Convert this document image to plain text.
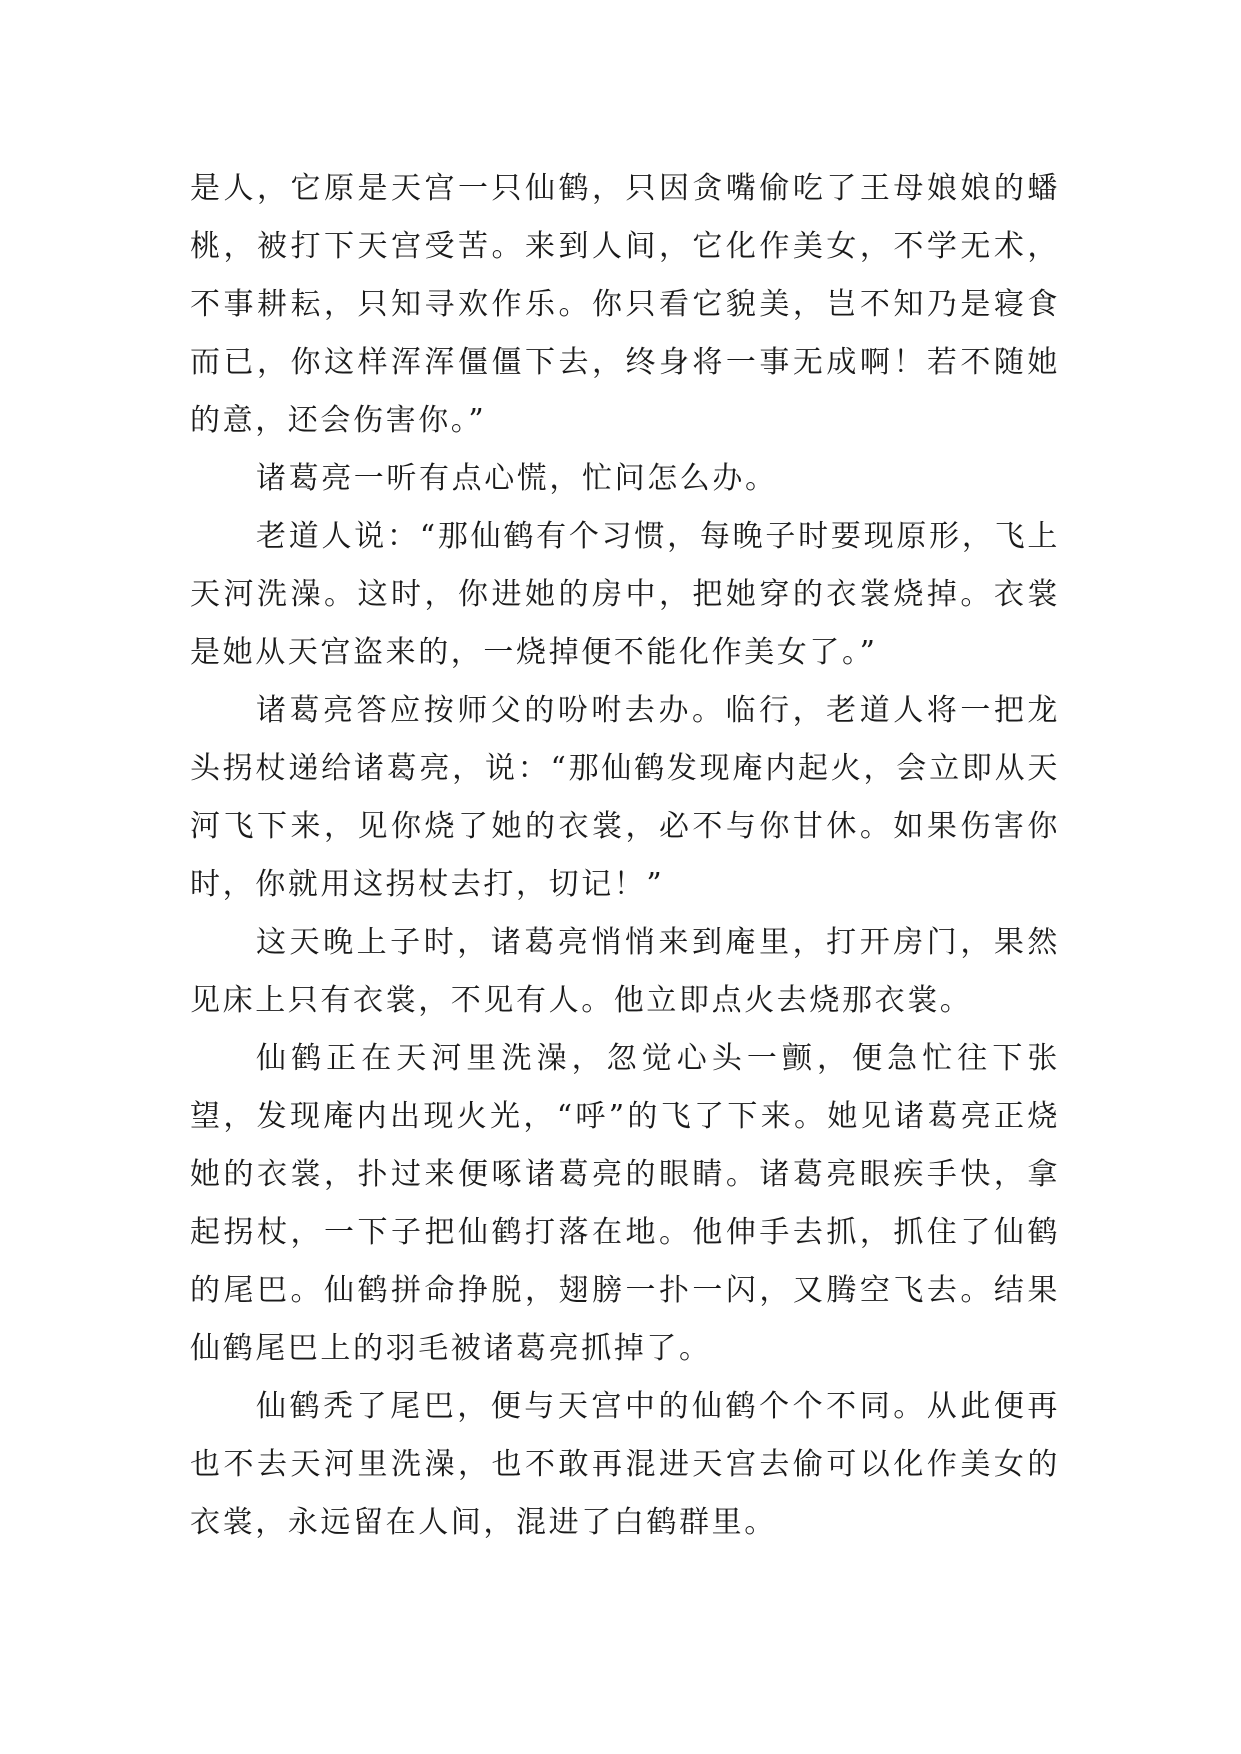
是人，它原是天宫一只仙鹤，只因贪嘴偷吃了王母娘娘的蟠桃，被打下天宫受苦。来到人间，它化作美女，不学无术，不事耕耘，只知寻欢作乐。你只看它貌美，岂不知乃是寝食而已，你这样浑浑僵僵下去，终身将一事无成啊！若不随她的意，还会伤害你。”

诸葛亮一听有点心慌，忙问怎么办。

老道人说：“那仙鹤有个习惯，每晚子时要现原形，飞上天河洗澡。这时，你进她的房中，把她穿的衣裳烧掉。衣裳是她从天宫盗来的，一烧掉便不能化作美女了。”

诸葛亮答应按师父的吩咐去办。临行，老道人将一把龙头拐杖递给诸葛亮，说：“那仙鹤发现庵内起火，会立即从天河飞下来，见你烧了她的衣裳，必不与你甘休。如果伤害你时，你就用这拐杖去打，切记！”

这天晚上子时，诸葛亮悄悄来到庵里，打开房门，果然见床上只有衣裳，不见有人。他立即点火去烧那衣裳。

仙鹤正在天河里洗澡，忽觉心头一颤，便急忙往下张望，发现庵内出现火光，“呼”的飞了下来。她见诸葛亮正烧她的衣裳，扑过来便啄诸葛亮的眼睛。诸葛亮眼疾手快，拿起拐杖，一下子把仙鹤打落在地。他伸手去抓，抓住了仙鹤的尾巴。仙鹤拼命挣脱，翅膀一扑一闪，又腾空飞去。结果仙鹤尾巴上的羽毛被诸葛亮抓掉了。

仙鹤秃了尾巴，便与天宫中的仙鹤个个不同。从此便再也不去天河里洗澡，也不敢再混进天宫去偷可以化作美女的衣裳，永远留在人间，混进了白鹤群里。
